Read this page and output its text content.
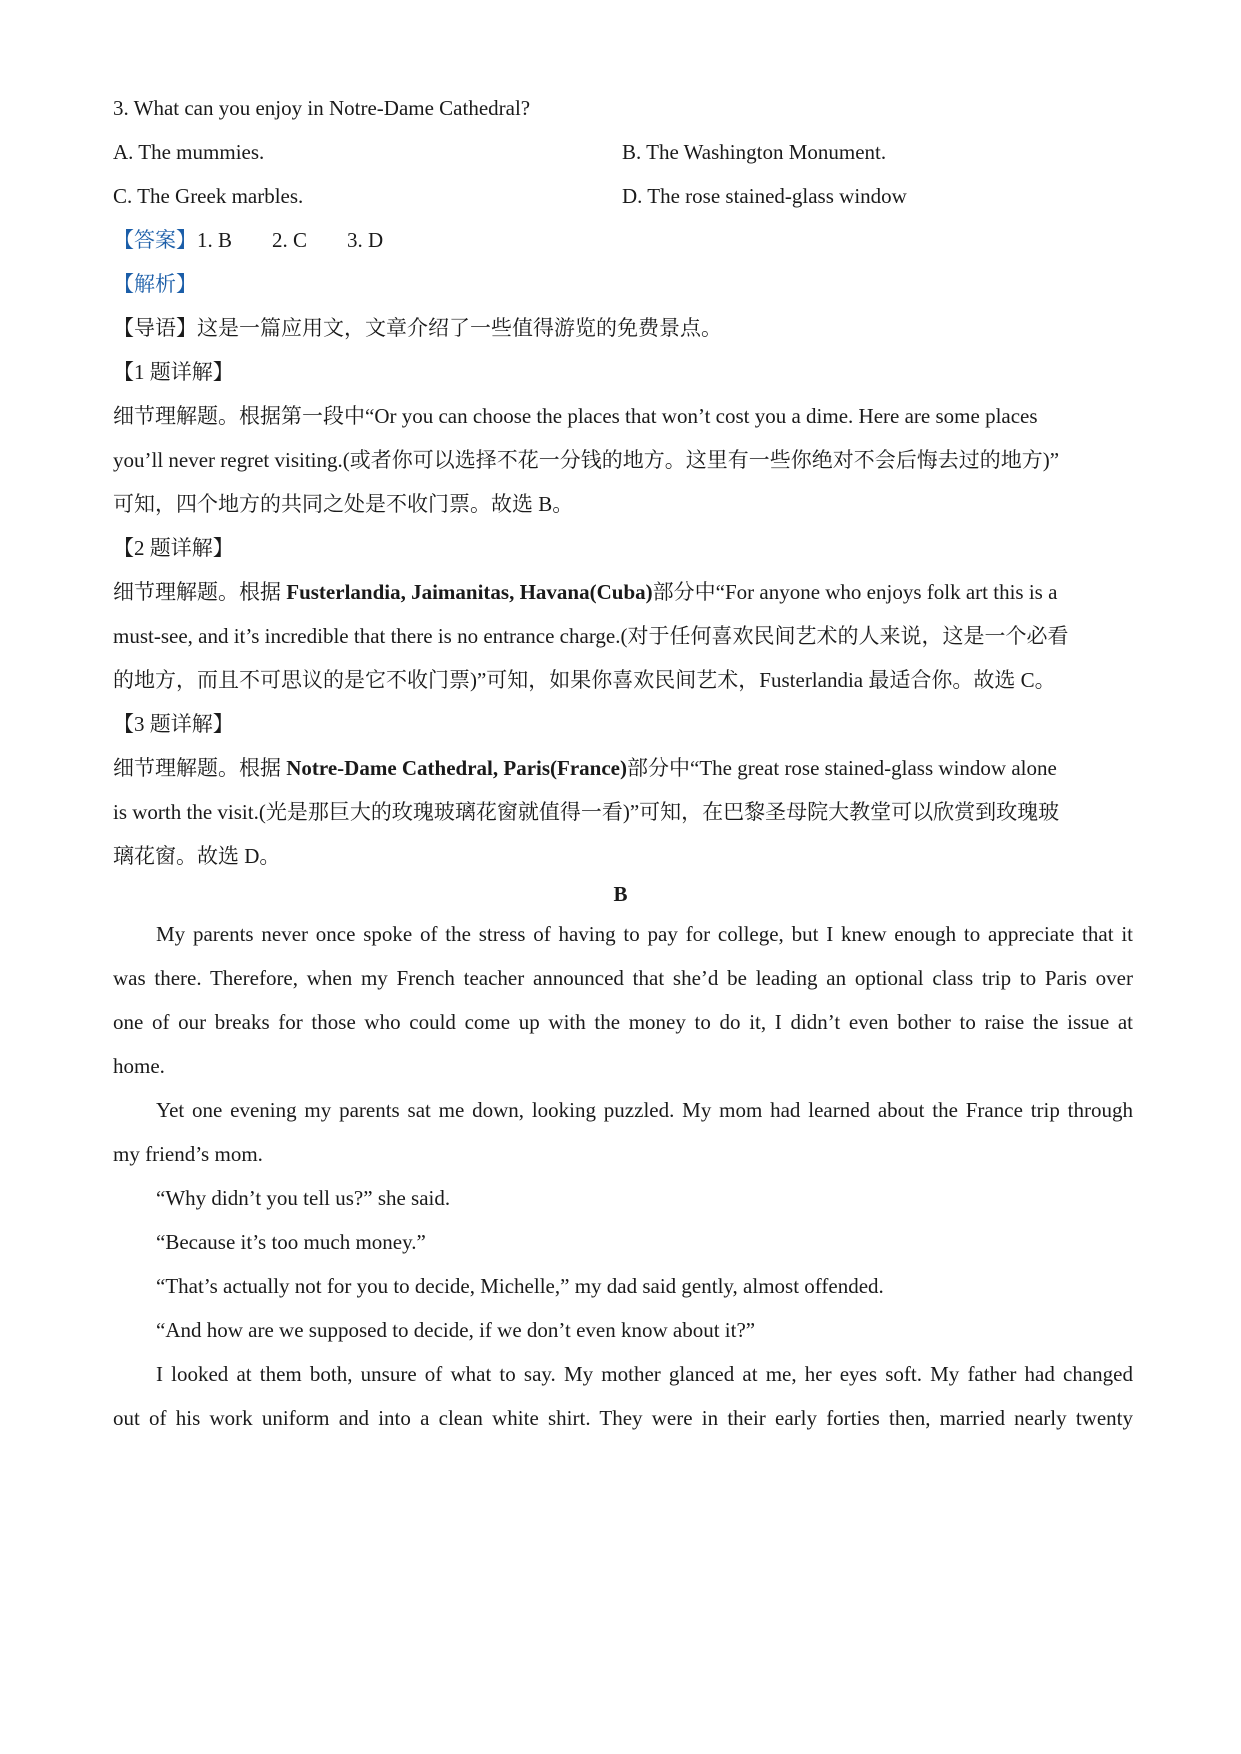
3. What can you enjoy in Notre-Dame Cathedral?
A. The mummies.	B. The Washington Monument.
C. The Greek marbles.	D. The rose stained-glass window
【答案】1. B 2. C 3. D
【解析】
【导语】这是一篇应用文，文章介绍了一些值得游览的免费景点。
【1 题详解】
细节理解题。根据第一段中“Or you can choose the places that won’t cost you a dime. Here are some places
you’ll never regret visiting.(或者你可以选择不花一分钱的地方。这里有一些你绝对不会后悔去过的地方)”
可知，四个地方的共同之处是不收门票。故选 B。
【2 题详解】
细节理解题。根据 Fusterlandia, Jaimanitas, Havana(Cuba)部分中“For anyone who enjoys folk art this is a
must-see, and it’s incredible that there is no entrance charge.(对于任何喜欢民间艺术的人来说，这是一个必看
的地方，而且不可思议的是它不收门票)”可知，如果你喜欢民间艺术，Fusterlandia 最适合你。故选 C。
【3 题详解】
细节理解题。根据 Notre-Dame Cathedral, Paris(France)部分中“The great rose stained-glass window alone
is worth the visit.(光是那巨大的玫瑰玻璃花窗就值得一看)”可知，在巴黎圣母院大教堂可以欣赏到玫瑰玻
璃花窗。故选 D。
B
My parents never once spoke of the stress of having to pay for college, but I knew enough to appreciate that it
was there. Therefore, when my French teacher announced that she’d be leading an optional class trip to Paris over
one of our breaks for those who could come up with the money to do it, I didn’t even bother to raise the issue at
home.
Yet one evening my parents sat me down, looking puzzled. My mom had learned about the France trip through
my friend’s mom.
“Why didn’t you tell us?” she said.
“Because it’s too much money.”
“That’s actually not for you to decide, Michelle,” my dad said gently, almost offended.
“And how are we supposed to decide, if we don’t even know about it?”
I looked at them both, unsure of what to say. My mother glanced at me, her eyes soft. My father had changed
out of his work uniform and into a clean white shirt. They were in their early forties then, married nearly twenty
